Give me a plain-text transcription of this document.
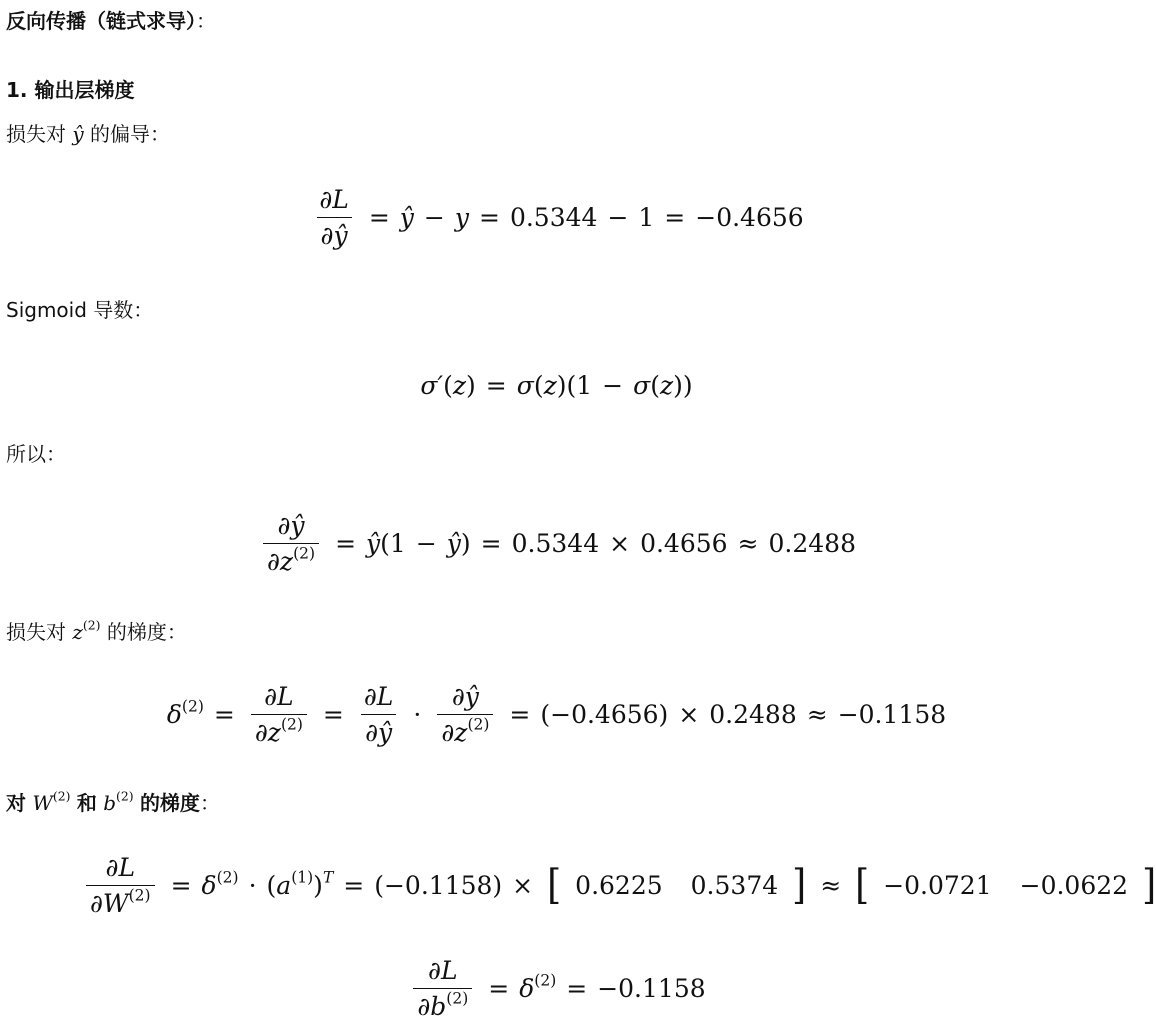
反向传播（链式求导）：
1. 输出层梯度
损失对 ŷ 的偏导：
$\frac{\partial L}{\partial ŷ}$ = ŷ − y = 0.5344 − 1 = −0.4656
Sigmoid 导数：
σ′ ( z ) = σ ( z )(1 − σ ( z ))
所以：
$\frac{\partial ŷ}{\partial z^{(2)}}$ = ŷ (1 − ŷ ) = 0.5344 × 0.4656 ≈ 0.2488
损失对 $z^{(2)}$ 的梯度：
$\delta^{(2)} = \frac{\partial L}{\partial z^{(2)}} = \frac{\partial L}{\partial ŷ} \cdot \frac{\partial ŷ}{\partial z^{(2)}} = (-0.4656) \times 0.2488 \approx -0.1158$
对 $W^{(2)}$ 和 $b^{(2)}$ 的梯度：
$\frac{\partial L}{\partial W^{(2)}} = \delta^{(2)}$ · ( $a^{(1)}$ )$^T$ = (−0.1158) × [ 0.6225 0.5374 ] ≈ [ −0.0721 −0.0622 ]
$\frac{\partial L}{\partial b^{(2)}} = \delta^{(2)} = -0.1158$
